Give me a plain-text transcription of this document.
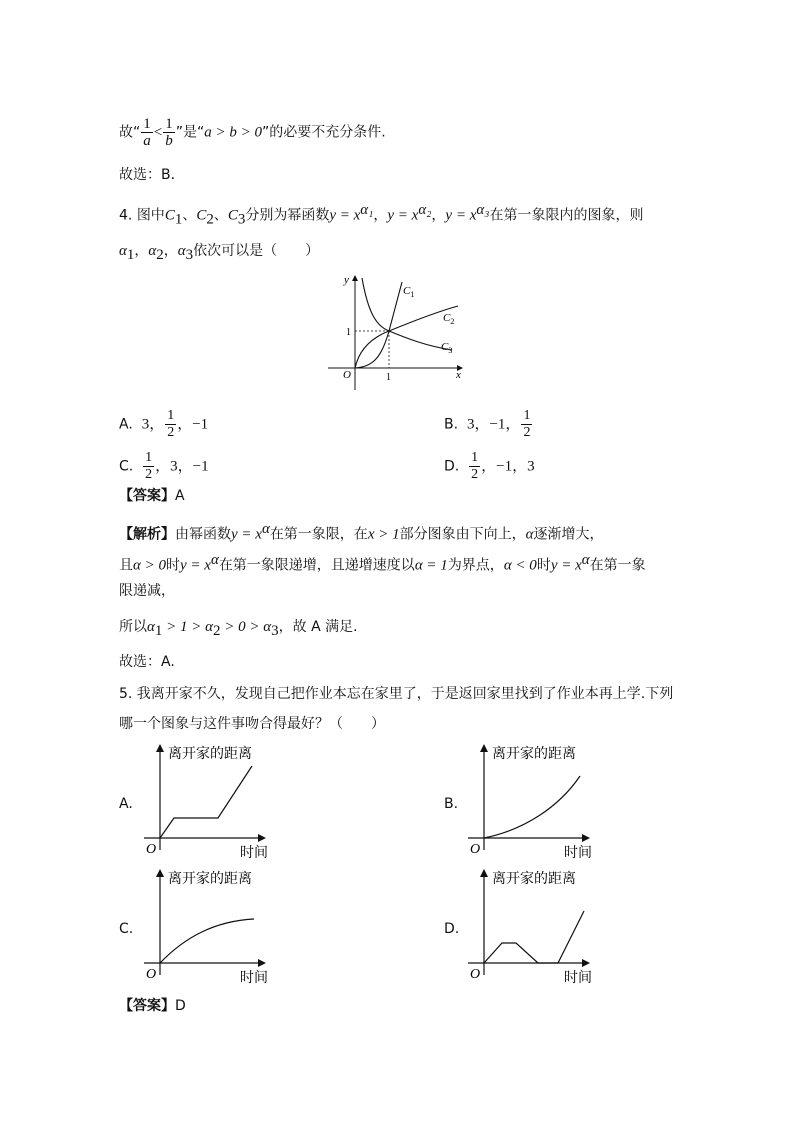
故“ $\frac{1}{a} < \frac{1}{b}$ ”是“a > b > 0”的必要不充分条件.
故选：B．
4. 图中$C_1$、$C_2$、$C_3$分别为幂函数$y = x^{\alpha_1}$，$y = x^{\alpha_2}$，$y = x^{\alpha_3}$在第一象限内的图象，则
$\alpha_1$，$\alpha_2$，$\alpha_3$依次可以是（　　）
y
x
O
1
1
$C_1$
$C_2$
$C_3$
A. 3， $\frac{1}{2}$ ，−1	B. 3，−1， $\frac{1}{2}$
C. $\frac{1}{2}$ ，3，−1	D. $\frac{1}{2}$ ，−1，3
【答案】A
【解析】由幂函数$y = x^\alpha$在第一象限，在x > 1部分图象由下向上，α逐渐增大，
且α > 0时$y = x^\alpha$在第一象限递增，且递增速度以α = 1为界点，α < 0时$y = x^\alpha$在第一象
限递减，
所以$\alpha_1 > 1 > \alpha_2 > 0 > \alpha_3$，故 A 满足.
故选：A.
5. 我离开家不久，发现自己把作业本忘在家里了，于是返回家里找到了作业本再上学.下列
哪一个图象与这件事吻合得最好？（　　）
A.	B.
C.	D.
离开家的距离
时间
O
离开家的距离
时间
O
离开家的距离
时间
O
离开家的距离
时间
O
【答案】D
